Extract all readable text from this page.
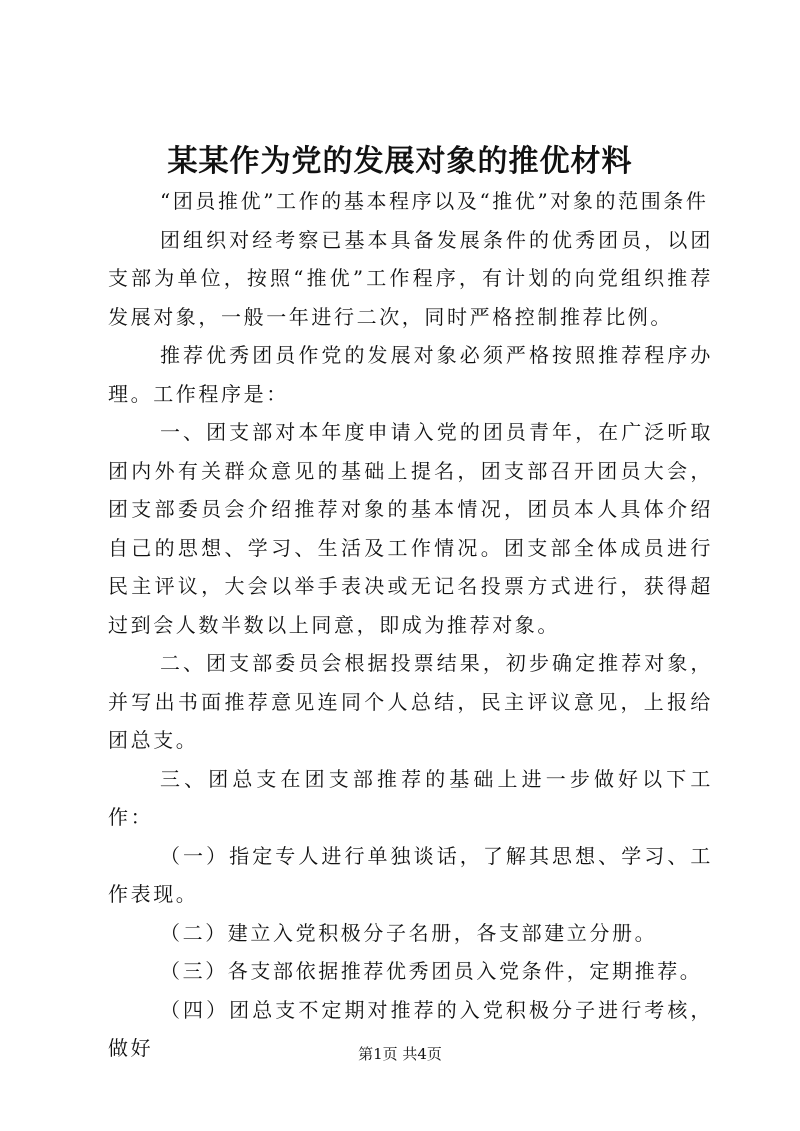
某某作为党的发展对象的推优材料

“团员推优”工作的基本程序以及“推优”对象的范围条件

团组织对经考察已基本具备发展条件的优秀团员，以团支部为单位，按照“推优”工作程序，有计划的向党组织推荐发展对象，一般一年进行二次，同时严格控制推荐比例。

推荐优秀团员作党的发展对象必须严格按照推荐程序办理。工作程序是：

一、团支部对本年度申请入党的团员青年，在广泛听取团内外有关群众意见的基础上提名，团支部召开团员大会，团支部委员会介绍推荐对象的基本情况，团员本人具体介绍自己的思想、学习、生活及工作情况。团支部全体成员进行民主评议，大会以举手表决或无记名投票方式进行，获得超过到会人数半数以上同意，即成为推荐对象。

二、团支部委员会根据投票结果，初步确定推荐对象，并写出书面推荐意见连同个人总结，民主评议意见，上报给团总支。

三、团总支在团支部推荐的基础上进一步做好以下工作：

（一）指定专人进行单独谈话，了解其思想、学习、工作表现。

（二）建立入党积极分子名册，各支部建立分册。

（三）各支部依据推荐优秀团员入党条件，定期推荐。

（四）团总支不定期对推荐的入党积极分子进行考核，做好	第1页 共4页
